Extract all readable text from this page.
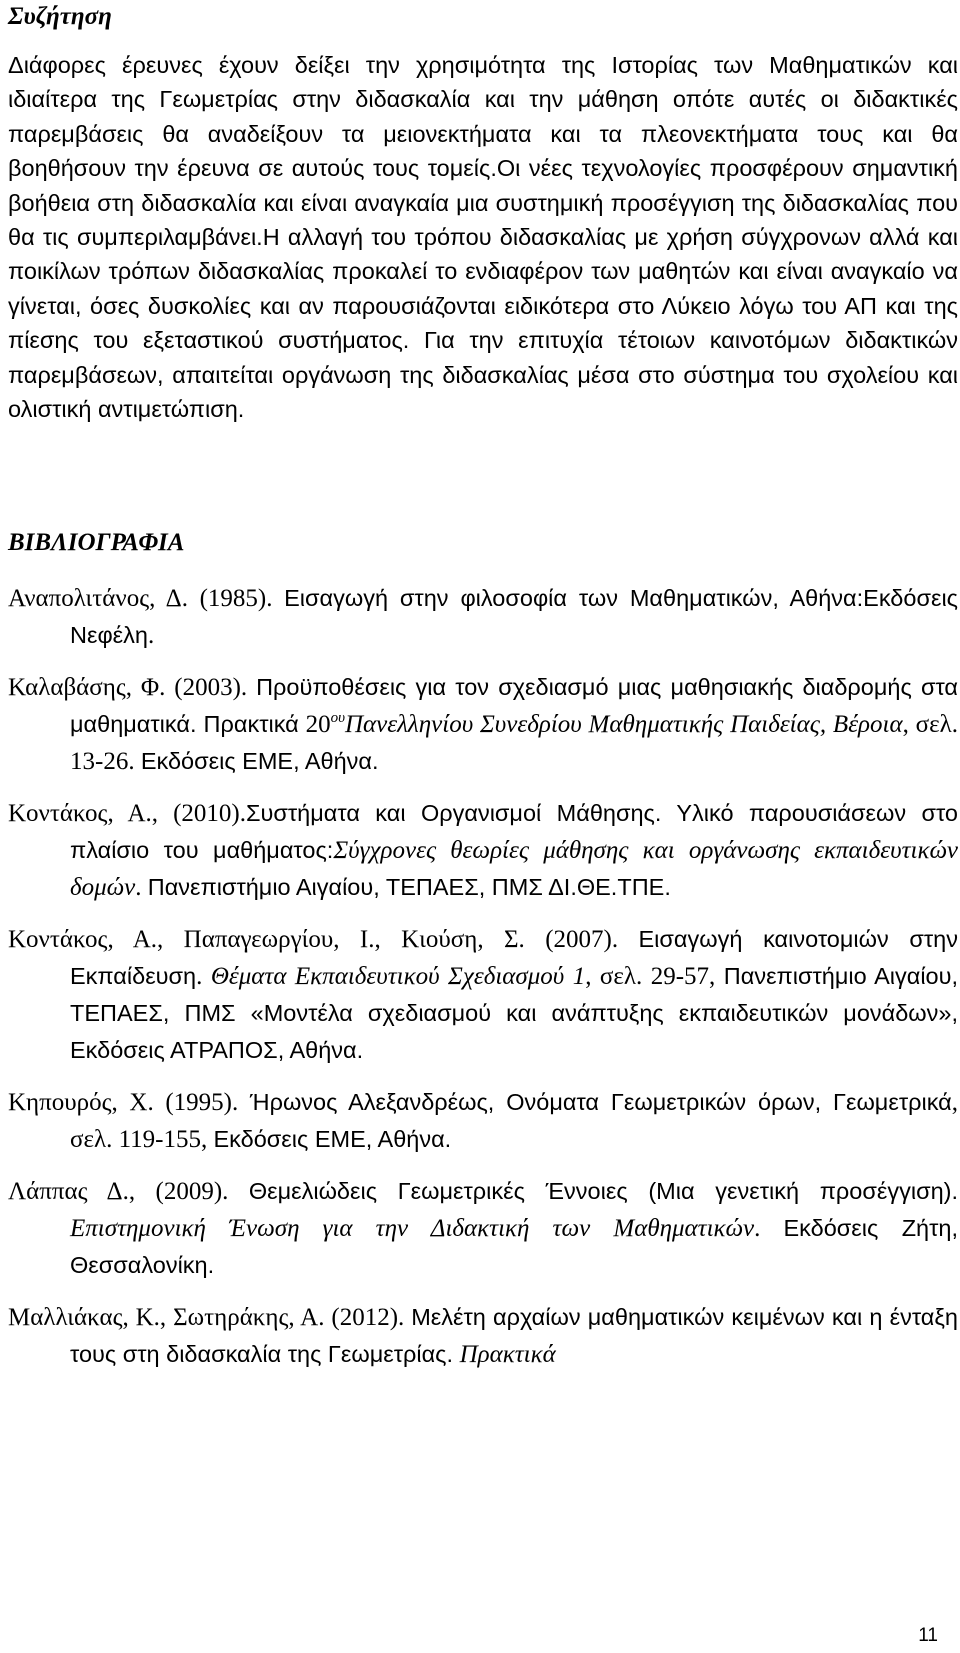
Συζήτηση

Διάφορες έρευνες έχουν δείξει την χρησιμότητα της Ιστορίας των Μαθηματικών και ιδιαίτερα της Γεωμετρίας στην διδασκαλία και την μάθηση οπότε αυτές οι διδακτικές παρεμβάσεις θα αναδείξουν τα μειονεκτήματα και τα πλεονεκτήματα τους και θα βοηθήσουν την έρευνα σε αυτούς τους τομείς.Οι νέες τεχνολογίες προσφέρουν σημαντική βοήθεια στη διδασκαλία και είναι αναγκαία μια συστημική προσέγγιση της διδασκαλίας που θα τις συμπεριλαμβάνει.Η αλλαγή του τρόπου διδασκαλίας με χρήση σύγχρονων αλλά και ποικίλων τρόπων διδασκαλίας προκαλεί το ενδιαφέρον των μαθητών και είναι αναγκαίο να γίνεται, όσες δυσκολίες και αν παρουσιάζονται ειδικότερα στο Λύκειο λόγω του ΑΠ και της πίεσης του εξεταστικού συστήματος. Για την επιτυχία τέτοιων καινοτόμων διδακτικών παρεμβάσεων, απαιτείται οργάνωση της διδασκαλίας μέσα στο σύστημα του σχολείου και ολιστική αντιμετώπιση.

ΒΙΒΛΙΟΓΡΑΦΙΑ

Αναπολιτάνος, Δ. (1985). Εισαγωγή στην φιλοσοφία των Μαθηματικών, Αθήνα:Εκδόσεις Νεφέλη.

Καλαβάσης, Φ. (2003). Προϋποθέσεις για τον σχεδιασμό μιας μαθησιακής διαδρομής στα μαθηματικά. Πρακτικά $20^{o\upsilon}\Pi\alpha\nu\varepsilon\lambda\lambda\eta\nu ίo\upsilon$ Συνεδρίου Μαθηματικής Παιδείας, Βέροια, σελ. 13-26. Εκδόσεις ΕΜΕ, Αθήνα.

Κοντάκος, Α., (2010).Συστήματα και Οργανισμοί Μάθησης. Υλικό παρουσιάσεων στο πλαίσιο του μαθήματος:Σύγχρονες θεωρίες μάθησης και οργάνωσης εκπαιδευτικών δομών. Πανεπιστήμιο Αιγαίου, ΤΕΠΑΕΣ, ΠΜΣ ΔΙ.ΘΕ.ΤΠΕ.

Κοντάκος, Α., Παπαγεωργίου, Ι., Κιούση, Σ. (2007). Εισαγωγή καινοτομιών στην Εκπαίδευση. Θέματα Εκπαιδευτικού Σχεδιασμού 1, σελ. 29-57, Πανεπιστήμιο Αιγαίου, ΤΕΠΑΕΣ, ΠΜΣ «Μοντέλα σχεδιασμού και ανάπτυξης εκπαιδευτικών μονάδων», Εκδόσεις ΑΤΡΑΠΟΣ, Αθήνα.

Κηπουρός, Χ. (1995). Ήρωνος Αλεξανδρέως, Ονόματα Γεωμετρικών όρων, Γεωμετρικά, σελ. 119-155, Εκδόσεις ΕΜΕ, Αθήνα.

Λάππας Δ., (2009). Θεμελιώδεις Γεωμετρικές Έννοιες (Μια γενετική προσέγγιση). Επιστημονική Ένωση για την Διδακτική των Μαθηματικών. Εκδόσεις Ζήτη, Θεσσαλονίκη.

Μαλλιάκας, Κ., Σωτηράκης, Α. (2012). Μελέτη αρχαίων μαθηματικών κειμένων και η ένταξη τους στη διδασκαλία της Γεωμετρίας. Πρακτικά

11
